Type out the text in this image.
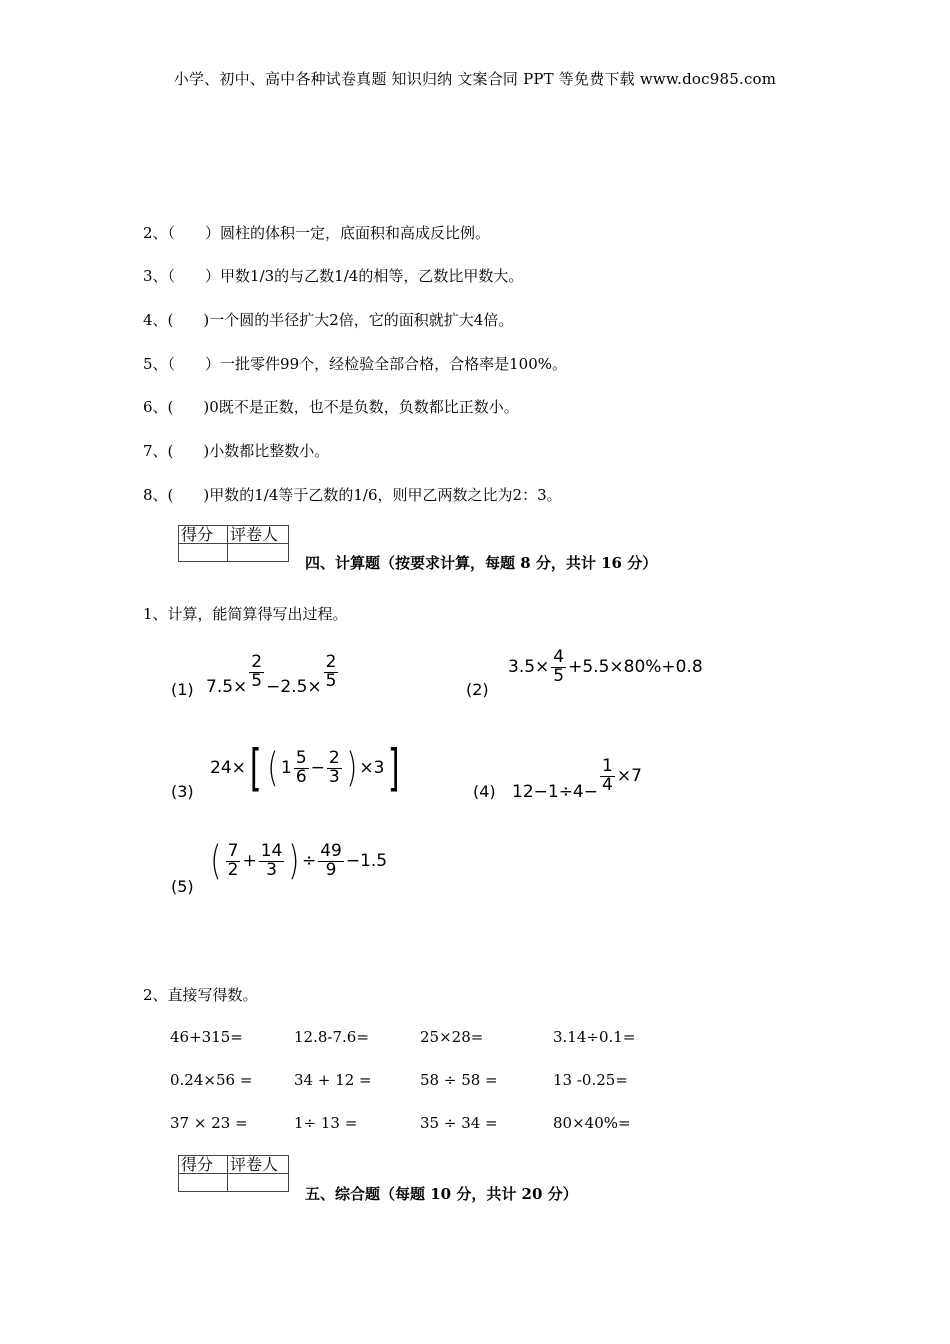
小学、初中、高中各种试卷真题 知识归纳 文案合同 PPT 等免费下载 www.doc985.com
2、（　　）圆柱的体积一定，底面积和高成反比例。
3、（　　）甲数1/3的与乙数1/4的相等，乙数比甲数大。
4、(　　)一个圆的半径扩大2倍，它的面积就扩大4倍。
5、（　　）一批零件99个，经检验全部合格，合格率是100%。
6、(　　)0既不是正数，也不是负数，负数都比正数小。
7、(　　)小数都比整数小。
8、(　　)甲数的1/4等于乙数的1/6，则甲乙两数之比为2：3。
得分	评卷人

四、计算题（按要求计算，每题 8 分，共计 16 分）
1、计算，能简算得写出过程。
(1) $7.5\times \frac{2}{5} -2.5\times \frac{2}{5}$	(2)
$3.5\times \frac{4}{5} +5.5\times 80\%+0.8$
(3)
24× [ ( $1 \frac{5}{6} - \frac{2}{3}$ ) ×3 ]	(4) $12-1\div 4- \frac{1}{4} \times 7$
(5)
( $\frac{7}{2} + \frac{14}{3}$ ) ÷ $\frac{49}{9} -1.5$
2、直接写得数。
46+315=	12.8-7.6=	25×28=	3.14÷0.1=
0.24×56 =	34 + 12 =	58 ÷ 58 =	13 -0.25=
37 × 23 =	1÷ 13 =	35 ÷ 34 =	80×40%=
得分	评卷人

五、综合题（每题 10 分，共计 20 分）
